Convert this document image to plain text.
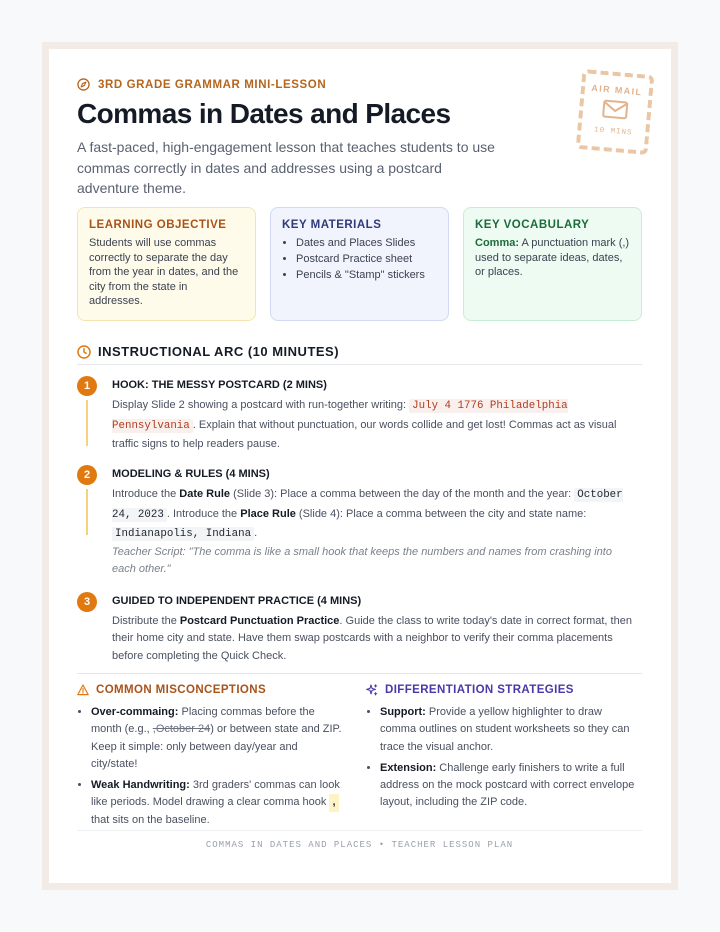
3RD GRADE GRAMMAR MINI-LESSON
Commas in Dates and Places

A fast-paced, high-engagement lesson that teaches students to use commas correctly in dates and addresses using a postcard adventure theme.

AIR MAIL
10 MINS
LEARNING OBJECTIVE

Students will use commas correctly to separate the day from the year in dates, and the city from the state in addresses.

KEY MATERIALS
• Dates and Places Slides
• Postcard Practice sheet
• Pencils & "Stamp" stickers
KEY VOCABULARY

Comma: A punctuation mark (,) used to separate ideas, dates, or places.

INSTRUCTIONAL ARC (10 MINUTES)
1	HOOK: THE MESSY POSTCARD (2 MINS)

Display Slide 2 showing a postcard with run-together writing: July 4 1776 Philadelphia Pennsylvania . Explain that without punctuation, our words collide and get lost! Commas act as visual traffic signs to help readers pause.

2	MODELING & RULES (4 MINS)

Introduce the Date Rule (Slide 3): Place a comma between the day of the month and the year: October 24, 2023 . Introduce the Place Rule (Slide 4): Place a comma between the city and state name: Indianapolis, Indiana .

Teacher Script: "The comma is like a small hook that keeps the numbers and names from crashing into each other."

3	GUIDED TO INDEPENDENT PRACTICE (4 MINS)

Distribute the Postcard Punctuation Practice. Guide the class to write today's date in correct format, then their home city and state. Have them swap postcards with a neighbor to verify their comma placements before completing the Quick Check.

COMMON MISCONCEPTIONS
• Over-commaing: Placing commas before the month (e.g., ,October 24) or between state and ZIP. Keep it simple: only between day/year and city/state!
• Weak Handwriting: 3rd graders' commas can look like periods. Model drawing a clear comma hook , that sits on the baseline.
DIFFERENTIATION STRATEGIES
• Support: Provide a yellow highlighter to draw comma outlines on student worksheets so they can trace the visual anchor.
• Extension: Challenge early finishers to write a full address on the mock postcard with correct envelope layout, including the ZIP code.
COMMAS IN DATES AND PLACES • TEACHER LESSON PLAN
